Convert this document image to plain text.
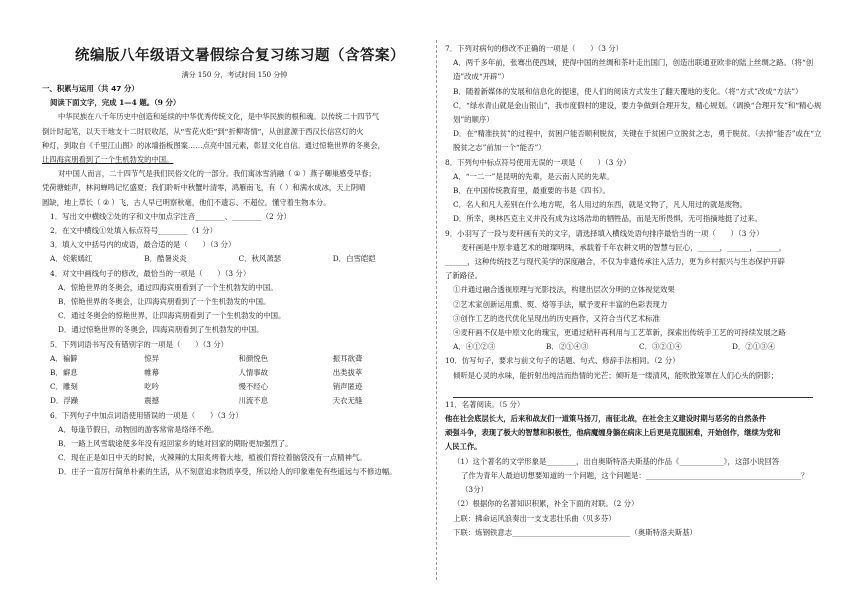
统编版八年级语文暑假综合复习练习题（含答案）
满分 150 分，考试时间 150 分钟
一、积累与运用（共 47 分）
阅读下面文字，完成 1—4 题。（9 分）
中华民族在八千年历史中创造和延续的中华优秀传统文化，是中华民族的根和魂。以传统二十四节气
倒计时起笔，以天干地支十二时辰收尾，从“雪花火炬”到“折柳寄情”，从创意源于西汉长信宫灯的火
种灯，到取自《千里江山图》的冰墙指板图案……点亮中国元素，彰显文化自信。通过惊艳世界的冬奥会，
让四海宾朋看到了一个生机勃发的中国。
对中国人而言，二十四节气是我们民俗文化的一部分。我们寓冰雪消融（ ① ）燕子啣巢感受早春；
凭荷塘蛙声，林间蝉鸣记忆盛夏；我们聆听中秋蟹叶清零，鸿雁南飞，有（ ）和满水成冰，天上阴晴
圆缺，地上草长（ ② ）飞，古人早已明察秋毫，他们不遗忘、不超位，懂守着生物本分。
1．写出文中横线②处的字和文中加点字注音________、________（2 分）
2．在文中横线①处填入标点符号________（1 分）
3．填入文中括号内的成语，最合适的是（　　）（3 分）
A．姹紫嫣红	B．酷暑炎炎	C．秋风萧瑟	D．白雪皑皑
4．对文中画线句子的修改，最恰当的一项是（　　）（3 分）
A．惊艳世界的冬奥会，通过四海宾朋看到了一个生机勃发的中国。
B．惊艳世界的冬奥会，让四海宾朋看到了一个生机勃发的中国。
C．通过冬奥会的惊艳世界，让四海宾朋看到了一个生机勃发的中国。
D．通过惊艳世界的冬奥会，四海宾朋看到了生机勃发的中国。
5．下列词语书写没有错别字的一项是（　　）（3 分）
A．褊僻	惊异	和颜悦色	振耳欲聋
B．癖息	帷幕	人情事故	出类拔萃
C．雕刻	吃吟	慢不经心	销声匿迹
D．浮躁	震撼	川流不息	天衣无缝
6．下列句子中加点词语使用错误的一项是（　　）（3 分）
A．每逢节假日，动物园的游客常常是络绎不绝。
B．一路上风雪载途使多年没有返回家乡的她对回家的期盼更加强烈了。
C．现在正是如日中天的时候，火辣辣的太阳炙烤着大地，植被们背拉着脑袋没有一点精神气。
D．庄子一直厉行简单朴素的生活，从不刻意追求物质享受，所以给人的印象难免有些遥远与不修边幅。
7．下列对病句的修改不正确的一项是（　　）（3 分）
A．两千多年前，张骞出使西域，使得中国的丝绸和茶叶走出国门，创造出联通亚欧非的陆上丝绸之路。（将“创造”改成“开辟”）
B．随着新媒体的发展和信息化的提速，使人们的阅读方式发生了翻天覆地的变化。（将“方式”改成“方法”）
C．“绿水青山就是金山银山”，我市度假村的建设，要力争做到合理开发，精心规划。（调换“合理开发”和“精心规划”的顺序）
D．在“精准扶贫”的过程中，贫困户能否顺利脱贫，关键在于贫困户立脱贫之志，勇于脱贫。（去掉“能否”或在“立脱贫之志”前加一个“能否”）
8．下列句中标点符号使用无误的一项是（　　）（3 分）
A．“一二一”是昆明的先辈，是云南人民的先辈。
B．在中国传统教育里，最重要的书是《四书》。
C．名人和凡人差别在什么地方呢，名人用过的东西，就是文物了，凡人用过的就是废物。
D．所幸，奥林匹克主义并没有成为这场浩劫的牺牲品，而是无所畏惧，无可指摘地挺了过来。
9．小羽写了一段与麦秆画有关的文字，请选择填入横线处语句排序最恰当的一项（　　）（3 分）
麦秆画是中原非遗艺术的璀璨明珠，承载着千年农耕文明的智慧与匠心，______，______，______，
______，这种传统技艺与现代美学的深度融合，不仅为非遗传承注入活力，更为乡村振兴与生态保护开辟
了新路径。
①并通过融合透视原理与光影技法，构建出层次分明的立体视觉效果
②艺术家创新运用熏、熨、烙等手法，赋予麦秆丰富的色彩表现力
③创作工艺的迭代优化呈现出的历史画作，又符合当代艺术标准
④麦秆画不仅是中原文化的瑰宝，更通过秸秆再利用与工艺革新，探索出传统手工艺的可持续发展之路
A．④①②③	B．②①④③	C．③②①④	D．②①③④
10．仿写句子，要求与前文句子的话题、句式、修辞手法相同。（2 分）
倾听是心灵的水味，能折射出纯洁而热情的光芒；倾听是一缕清风，能吹散笼罩在人们心头的阴影；
11．名著阅读。（5 分）
他在社会底层长大，后来和战友们一道策马扬刀，南征北战，在社会主义建设时期与恶劣的自然条件
顽强斗争，表现了极大的智慧和积极性，他病魔缠身躺在病床上后更是克服困难，开始创作，继续为党和
人民工作。
（1）这个著名的文学形象是________，出自奥斯特洛夫斯基的作品《____________》，这部小说回答
了作为青年人最迫切想要知道的一个问题，这个问题是：__________________________________________？
（3分）
（2）根据你的名著知识积累，补全下面的对联。（2 分）
上联：拂命运风浪奏出一支支悲壮乐曲（贝多芬）
下联：炼钢铁意志________________________________（奥斯特洛夫斯基）
